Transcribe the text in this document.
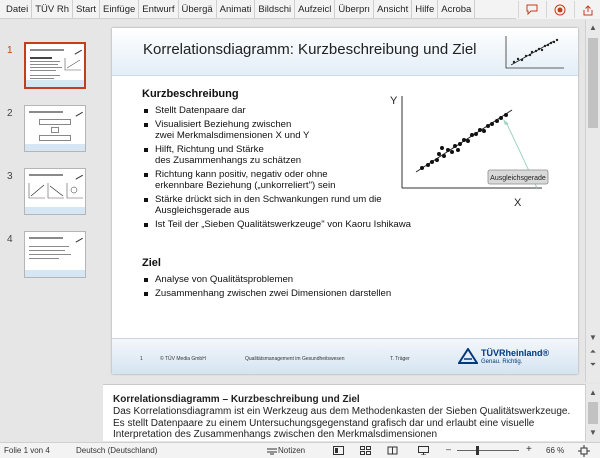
Datei TÜV Rh Start Einfüge Entwurf Übergä Animati Bildschi Aufzeicl Überprı Ansicht Hilfe Acroba
1
2
3
4
Korrelationsdiagramm: Kurzbeschreibung und Ziel
Kurzbeschreibung
Stellt Datenpaare dar
Visualisiert Beziehung zwischen
zwei Merkmalsdimensionen X und Y
Hilft, Richtung und Stärke
des Zusammenhangs zu schätzen
Richtung kann positiv, negativ oder ohne
erkennbare Beziehung („unkorreliert") sein
Stärke drückt sich in den Schwankungen rund um die
Ausgleichsgerade aus
Ist Teil der „Sieben Qualitätswerkzeuge" von Kaoru Ishikawa
Ziel
Analyse von Qualitätsproblemen
Zusammenhang zwischen zwei Dimensionen darstellen
Y
X
Ausgleichsgerade
1	© TÜV Media GmbH	Qualitätsmanagement im Gesundheitswesen	T. Träger
TÜVRheinland®
Genau. Richtig.
▲
▼
⏶
⏷
Korrelationsdiagramm – Kurzbeschreibung und Ziel
Das Korrelationsdiagramm ist ein Werkzeug aus dem Methodenkasten der Sieben Qualitätswerkzeuge. Es stellt Datenpaare zu einem Untersuchungsgegenstand grafisch dar und erlaubt eine visuelle Interpretation des Zusammenhangs zwischen den Merkmalsdimensionen
▲
▼
Folie 1 von 4	Deutsch (Deutschland)	Notizen	–	+ 66 %
